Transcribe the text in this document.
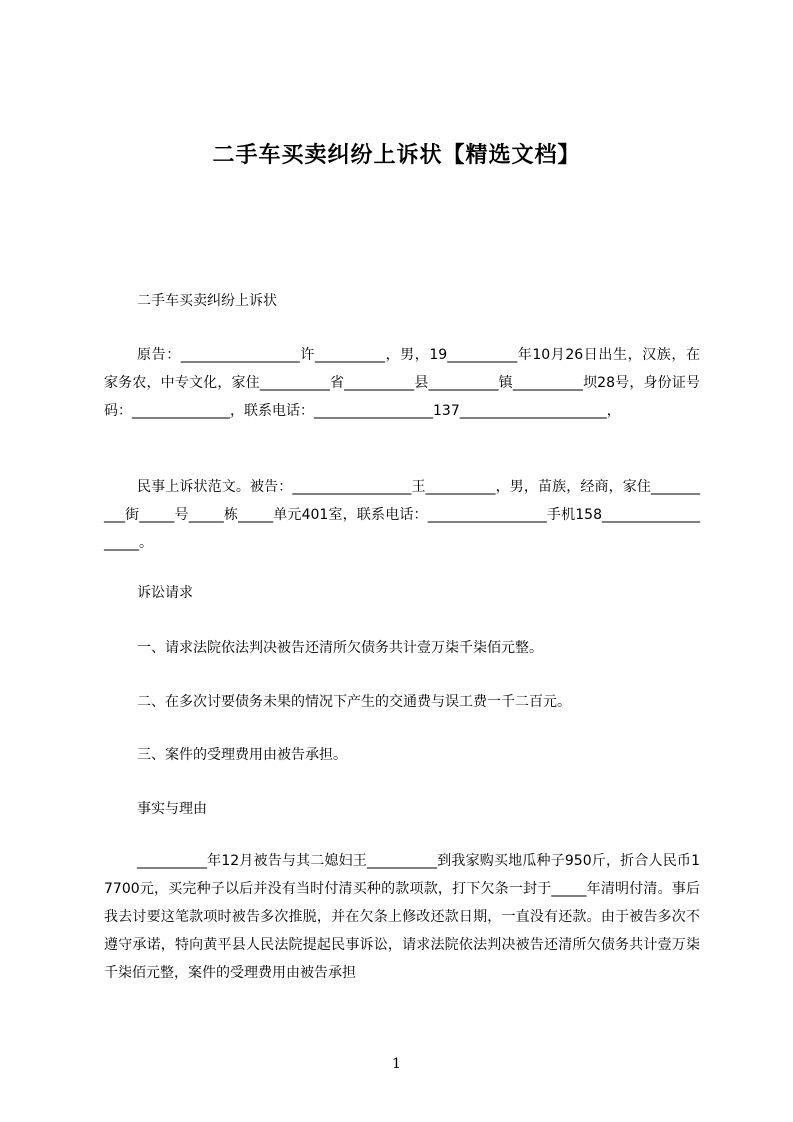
二手车买卖纠纷上诉状【精选文档】
二手车买卖纠纷上诉状
原告：_________________许__________，男，19__________年10月26日出生，汉族，在家务农，中专文化，家住__________省__________县__________镇__________坝28号，身份证号码：______________，联系电话：_________________137_____________________，
民事上诉状范文。被告：_________________王__________，男，苗族，经商，家住__________街_____号_____栋_____单元401室，联系电话：_________________手机158___________________。
诉讼请求
一、请求法院依法判决被告还清所欠债务共计壹万柒千柒佰元整。
二、在多次讨要债务未果的情况下产生的交通费与误工费一千二百元。
三、案件的受理费用由被告承担。
事实与理由
__________年12月被告与其二媳妇王__________到我家购买地瓜种子950斤，折合人民币17700元，买完种子以后并没有当时付清买种的款项款，打下欠条一封于_____年清明付清。事后我去讨要这笔款项时被告多次推脱，并在欠条上修改还款日期，一直没有还款。由于被告多次不遵守承诺，特向黄平县人民法院提起民事诉讼，请求法院依法判决被告还清所欠债务共计壹万柒千柒佰元整，案件的受理费用由被告承担
1
